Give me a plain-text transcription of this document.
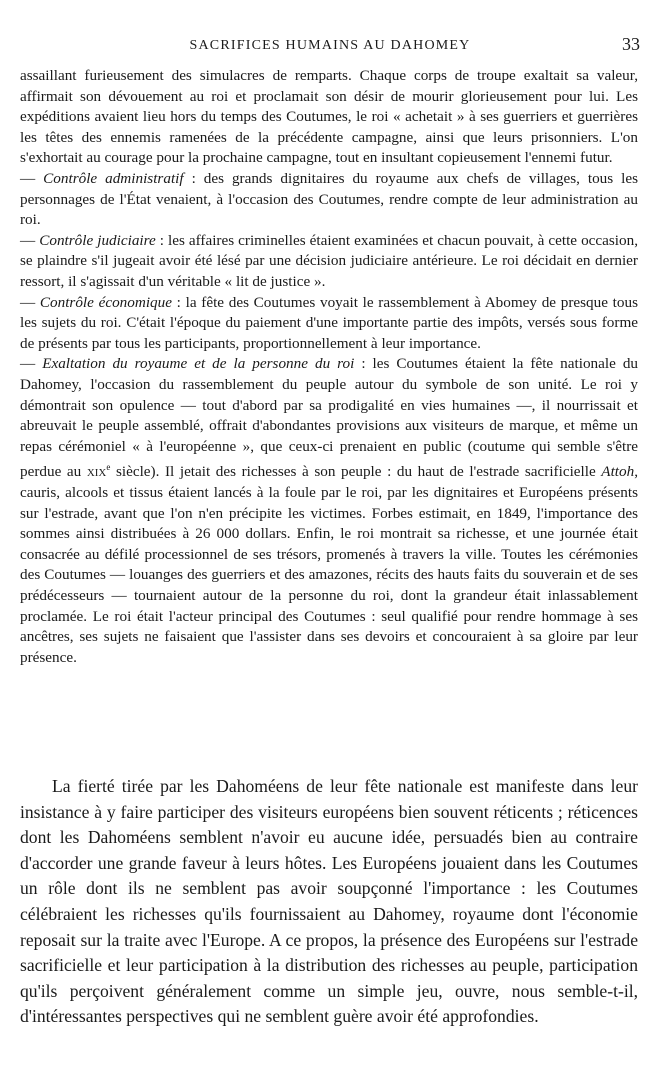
SACRIFICES HUMAINS AU DAHOMEY	33

assaillant furieusement des simulacres de remparts. Chaque corps de troupe exaltait sa valeur, affirmait son dévouement au roi et proclamait son désir de mourir glorieusement pour lui. Les expéditions avaient lieu hors du temps des Coutumes, le roi « achetait » à ses guerriers et guerrières les têtes des ennemis ramenées de la précédente campagne, ainsi que leurs prisonniers. L'on s'exhortait au courage pour la prochaine campagne, tout en insultant copieusement l'ennemi futur.

— Contrôle administratif : des grands dignitaires du royaume aux chefs de villages, tous les personnages de l'État venaient, à l'occasion des Coutumes, rendre compte de leur administration au roi.

— Contrôle judiciaire : les affaires criminelles étaient examinées et chacun pouvait, à cette occasion, se plaindre s'il jugeait avoir été lésé par une décision judiciaire antérieure. Le roi décidait en dernier ressort, il s'agissait d'un véritable « lit de justice ».

— Contrôle économique : la fête des Coutumes voyait le rassemblement à Abomey de presque tous les sujets du roi. C'était l'époque du paiement d'une importante partie des impôts, versés sous forme de présents par tous les participants, proportionnellement à leur importance.

— Exaltation du royaume et de la personne du roi : les Coutumes étaient la fête nationale du Dahomey, l'occasion du rassemblement du peuple autour du symbole de son unité. Le roi y démontrait son opulence — tout d'abord par sa prodigalité en vies humaines —, il nourrissait et abreuvait le peuple assemblé, offrait d'abondantes provisions aux visiteurs de marque, et même un repas cérémoniel « à l'européenne », que ceux-ci prenaient en public (coutume qui semble s'être perdue au xix$^e$ siècle). Il jetait des richesses à son peuple : du haut de l'estrade sacrificielle Attoh, cauris, alcools et tissus étaient lancés à la foule par le roi, par les dignitaires et Européens présents sur l'estrade, avant que l'on n'en précipite les victimes. Forbes estimait, en 1849, l'importance des sommes ainsi distribuées à 26 000 dollars. Enfin, le roi montrait sa richesse, et une journée était consacrée au défilé processionnel de ses trésors, promenés à travers la ville. Toutes les cérémonies des Coutumes — louanges des guerriers et des amazones, récits des hauts faits du souverain et de ses prédécesseurs — tournaient autour de la personne du roi, dont la grandeur était inlassablement proclamée. Le roi était l'acteur principal des Coutumes : seul qualifié pour rendre hommage à ses ancêtres, ses sujets ne faisaient que l'assister dans ses devoirs et concouraient à sa gloire par leur présence.

La fierté tirée par les Dahoméens de leur fête nationale est manifeste dans leur insistance à y faire participer des visiteurs européens bien souvent réticents ; réticences dont les Dahoméens semblent n'avoir eu aucune idée, persuadés bien au contraire d'accorder une grande faveur à leurs hôtes. Les Européens jouaient dans les Coutumes un rôle dont ils ne semblent pas avoir soupçonné l'importance : les Coutumes célébraient les richesses qu'ils fournissaient au Dahomey, royaume dont l'économie reposait sur la traite avec l'Europe. A ce propos, la présence des Européens sur l'estrade sacrificielle et leur participation à la distribution des richesses au peuple, participation qu'ils perçoivent généralement comme un simple jeu, ouvre, nous semble-t-il, d'intéressantes perspectives qui ne semblent guère avoir été approfondies.
